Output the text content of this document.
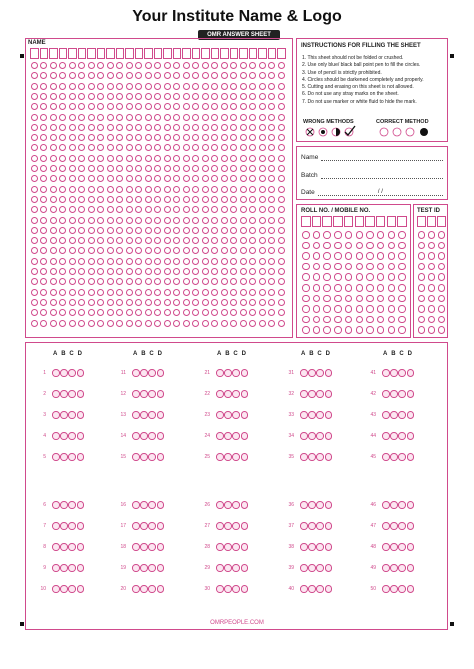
Your Institute Name & Logo
OMR ANSWER SHEET
NAME	INSTRUCTIONS FOR FILLING THE SHEET
1. This sheet should not be folded or crushed.
2. Use only blue/ black ball point pen to fill the circles.
3. Use of pencil is strictly prohibited.
4. Circles should be darkened completely and properly.
5. Cutting and erasing on this sheet is not allowed.
6. Do not use any stray marks on the sheet.
7. Do not use marker or white fluid to hide the mark.
WRONG METHODS	CORRECT METHOD
Name
Batch
Date	/ /
ROLL NO. / MOBILE NO.	TEST ID
A B C D
1
2
3
4
5
A B C D
11
12
13
14
15
A B C D
21
22
23
24
25
A B C D
31
32
33
34
35
A B C D
41
42
43
44
45
6
7
8
9
10
16
17
18
19
20
26
27
28
29
30
36
37
38
39
40
46
47
48
49
50
OMRPEOPLE.COM
